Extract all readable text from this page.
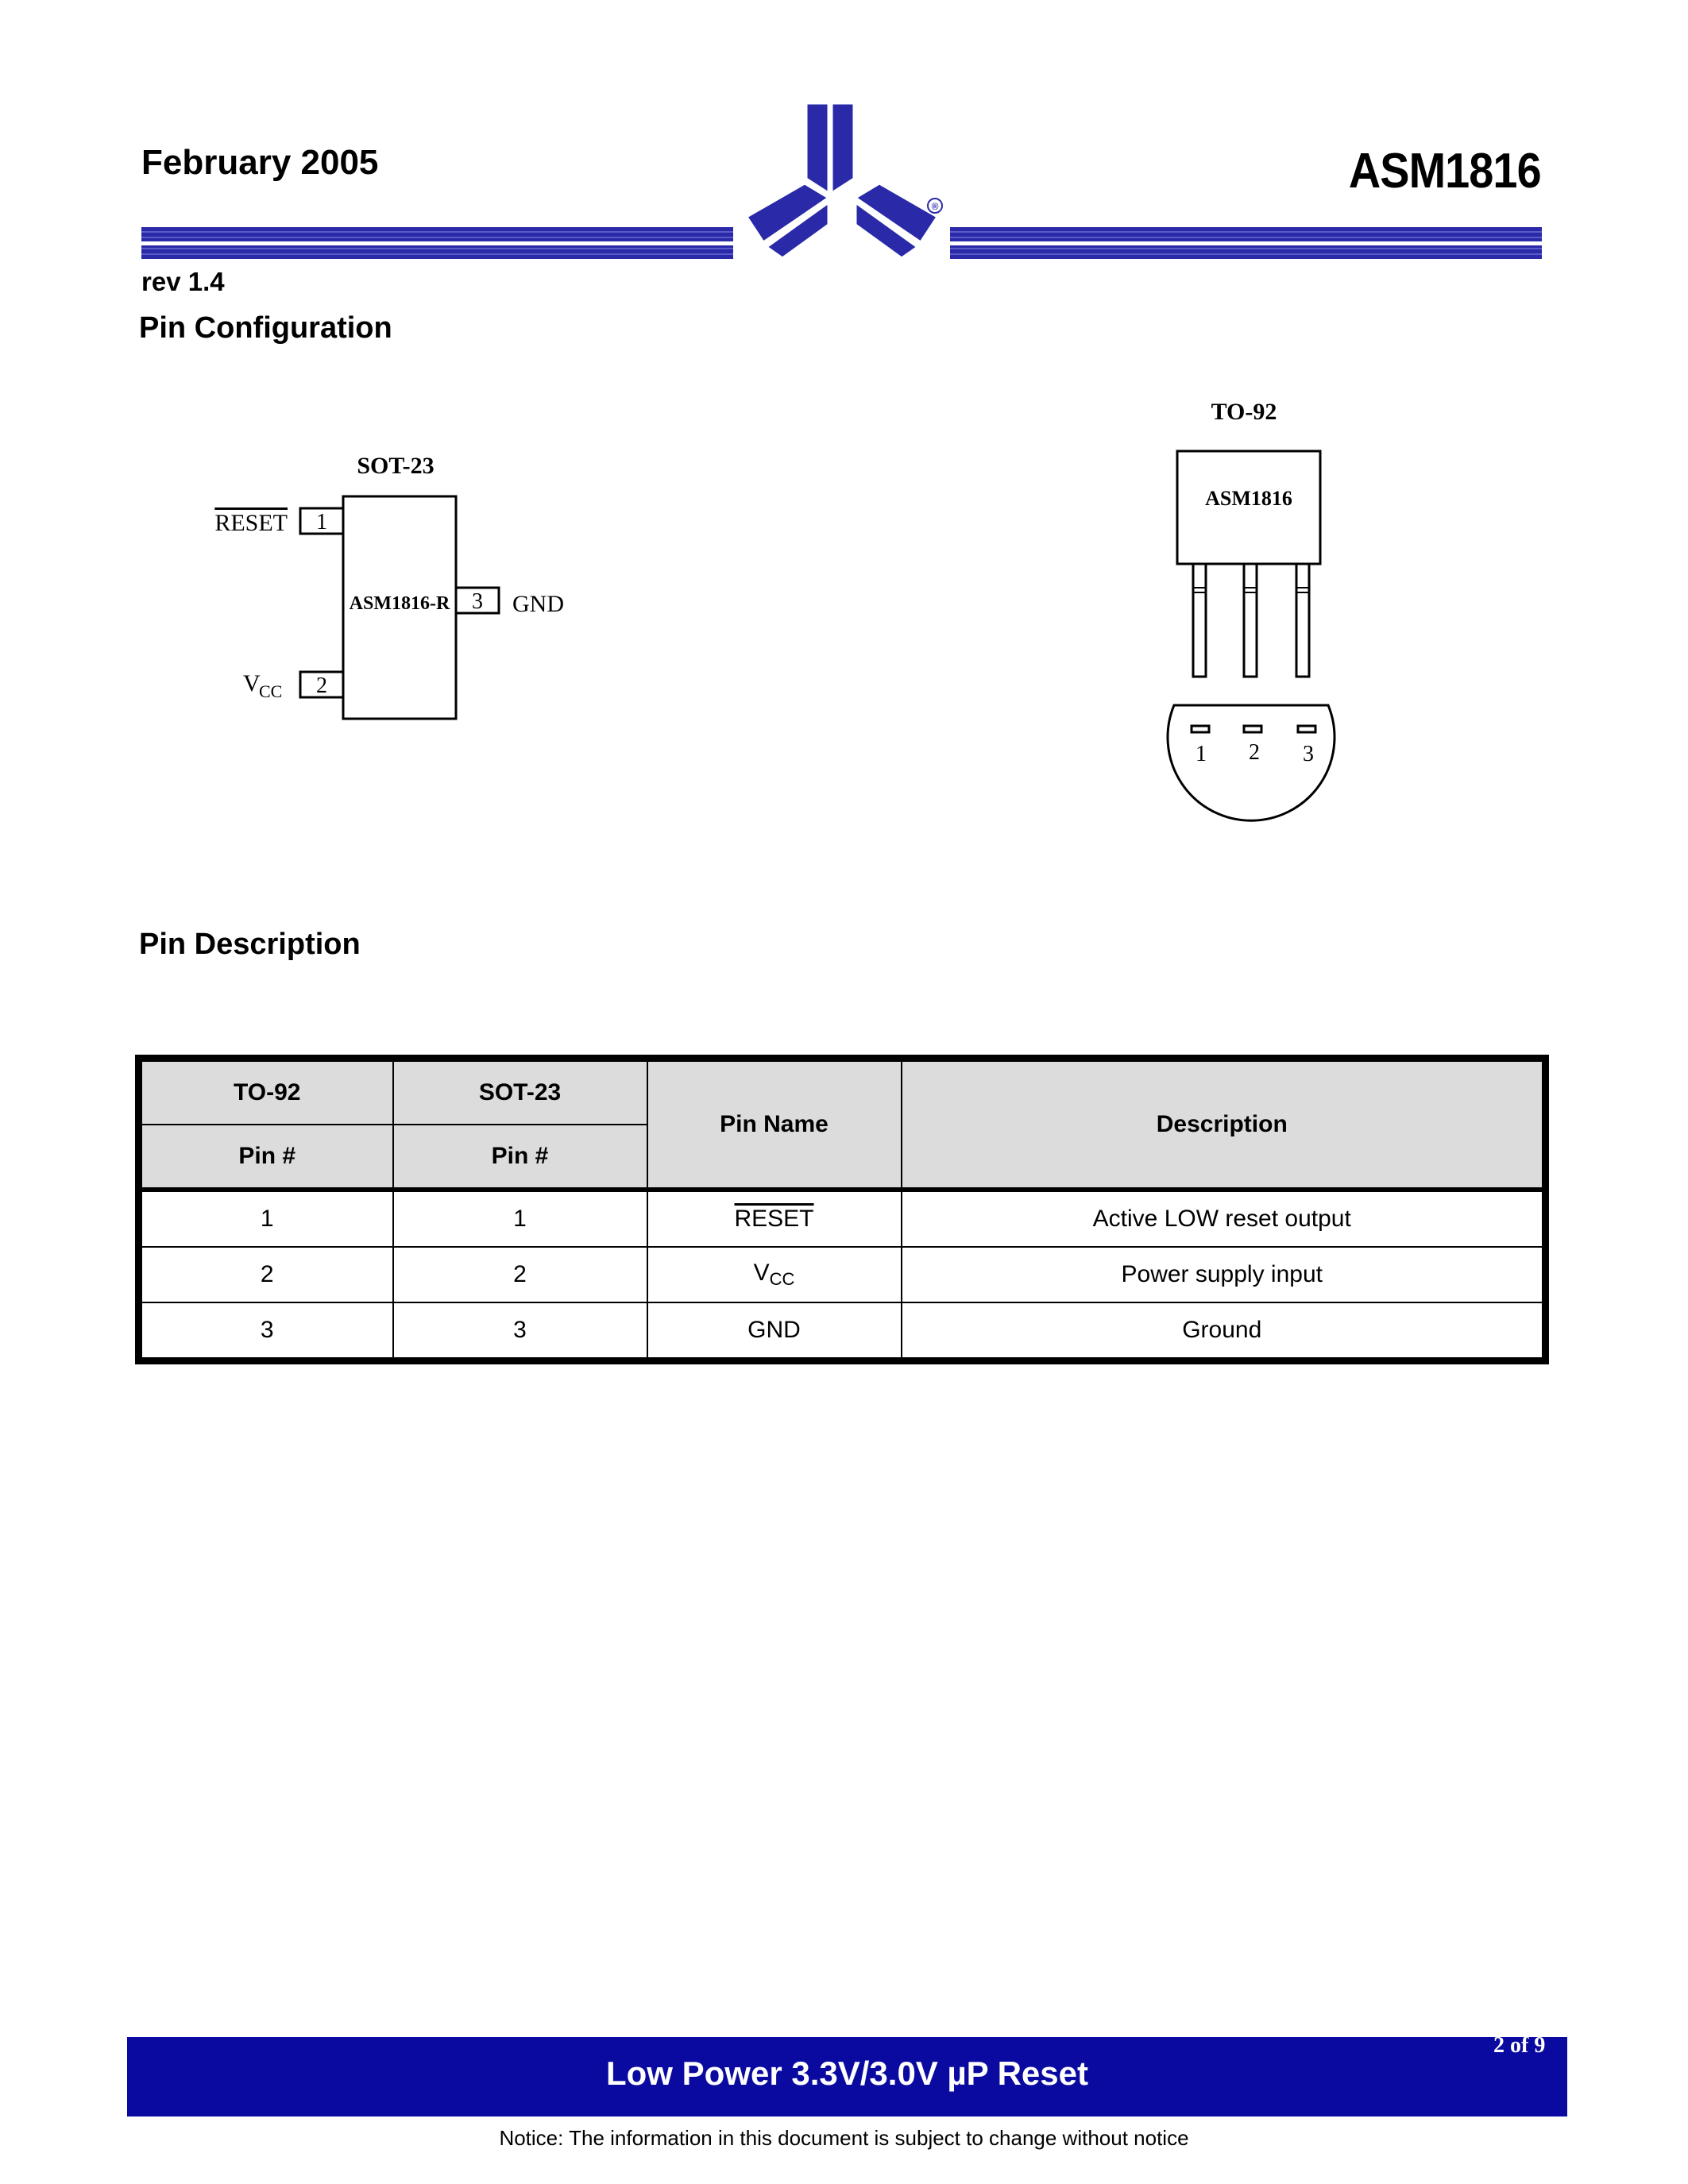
February 2005	ASM1816
®
rev 1.4
Pin Configuration
SOT-23
ASM1816-R
1
RESET
2
V
CC
3 GND
TO-92
ASM1816
1 2 3
Pin Description
TO-92	SOT-23	Pin Name	Description
Pin #	Pin #		
1	1	RESET	Active LOW reset output
2	2	$V_{CC}$	Power supply input
3	3	GND	Ground
Low Power 3.3V/3.0V µP Reset
2 of 9
Notice: The information in this document is subject to change without notice
